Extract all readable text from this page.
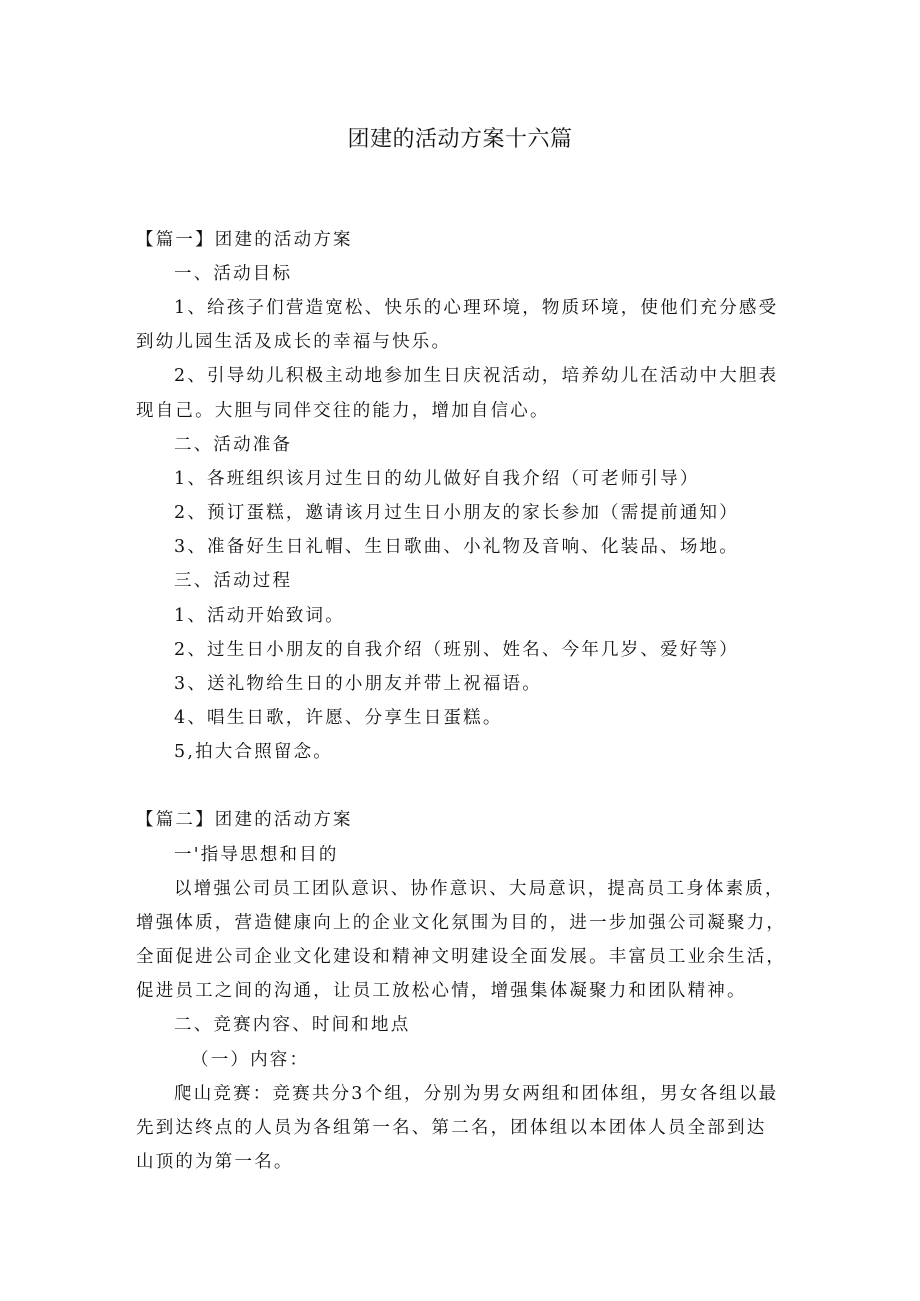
团建的活动方案十六篇
【篇一】团建的活动方案
一、活动目标
1、给孩子们营造宽松、快乐的心理环境，物质环境，使他们充分感受
到幼儿园生活及成长的幸福与快乐。
2、引导幼儿积极主动地参加生日庆祝活动，培养幼儿在活动中大胆表
现自己。大胆与同伴交往的能力，增加自信心。
二、活动准备
1、各班组织该月过生日的幼儿做好自我介绍（可老师引导）
2、预订蛋糕，邀请该月过生日小朋友的家长参加（需提前通知）
3、准备好生日礼帽、生日歌曲、小礼物及音响、化装品、场地。
三、活动过程
1、活动开始致词。
2、过生日小朋友的自我介绍（班别、姓名、今年几岁、爱好等）
3、送礼物给生日的小朋友并带上祝福语。
4、唱生日歌，许愿、分享生日蛋糕。
5,拍大合照留念。
【篇二】团建的活动方案
一'指导思想和目的
以增强公司员工团队意识、协作意识、大局意识，提高员工身体素质，
增强体质，营造健康向上的企业文化氛围为目的，进一步加强公司凝聚力，
全面促进公司企业文化建设和精神文明建设全面发展。丰富员工业余生活，
促进员工之间的沟通，让员工放松心情，增强集体凝聚力和团队精神。
二、竞赛内容、时间和地点
（一）内容：
爬山竞赛：竞赛共分3个组，分别为男女两组和团体组，男女各组以最
先到达终点的人员为各组第一名、第二名，团体组以本团体人员全部到达
山顶的为第一名。
